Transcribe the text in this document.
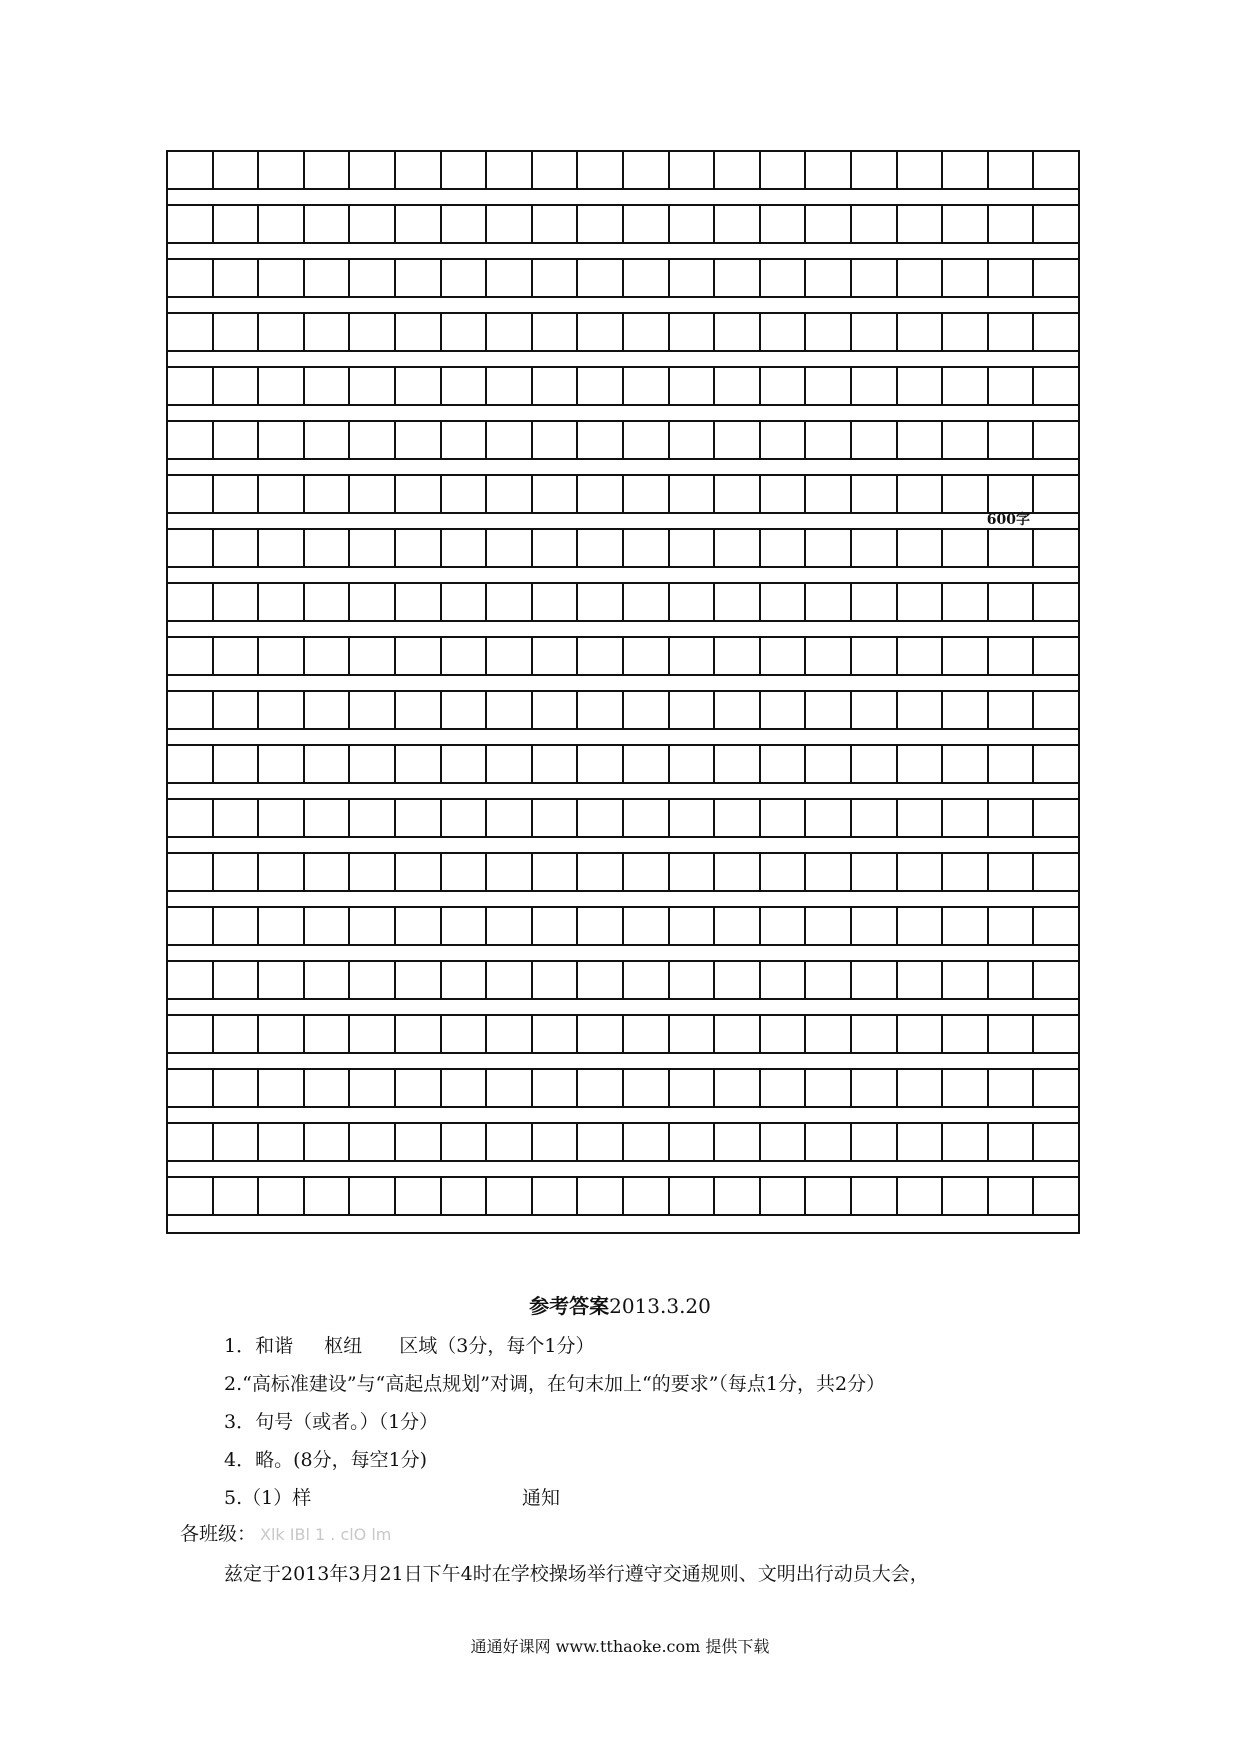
600字
参考答案2013.3.20
1．和谐　  枢纽　   区域（3分，每个1分）
2.“高标准建设”与“高起点规划”对调，在句末加上“的要求”（每点1分，共2分）
3．句号（或者。）（1分）
4．略。(8分，每空1分)
5.（1）样	通知
各班级： Xlk IBl 1 . clO lm
兹定于2013年3月21日下午4时在学校操场举行遵守交通规则、文明出行动员大会，
通通好课网 www.tthaoke.com 提供下载
